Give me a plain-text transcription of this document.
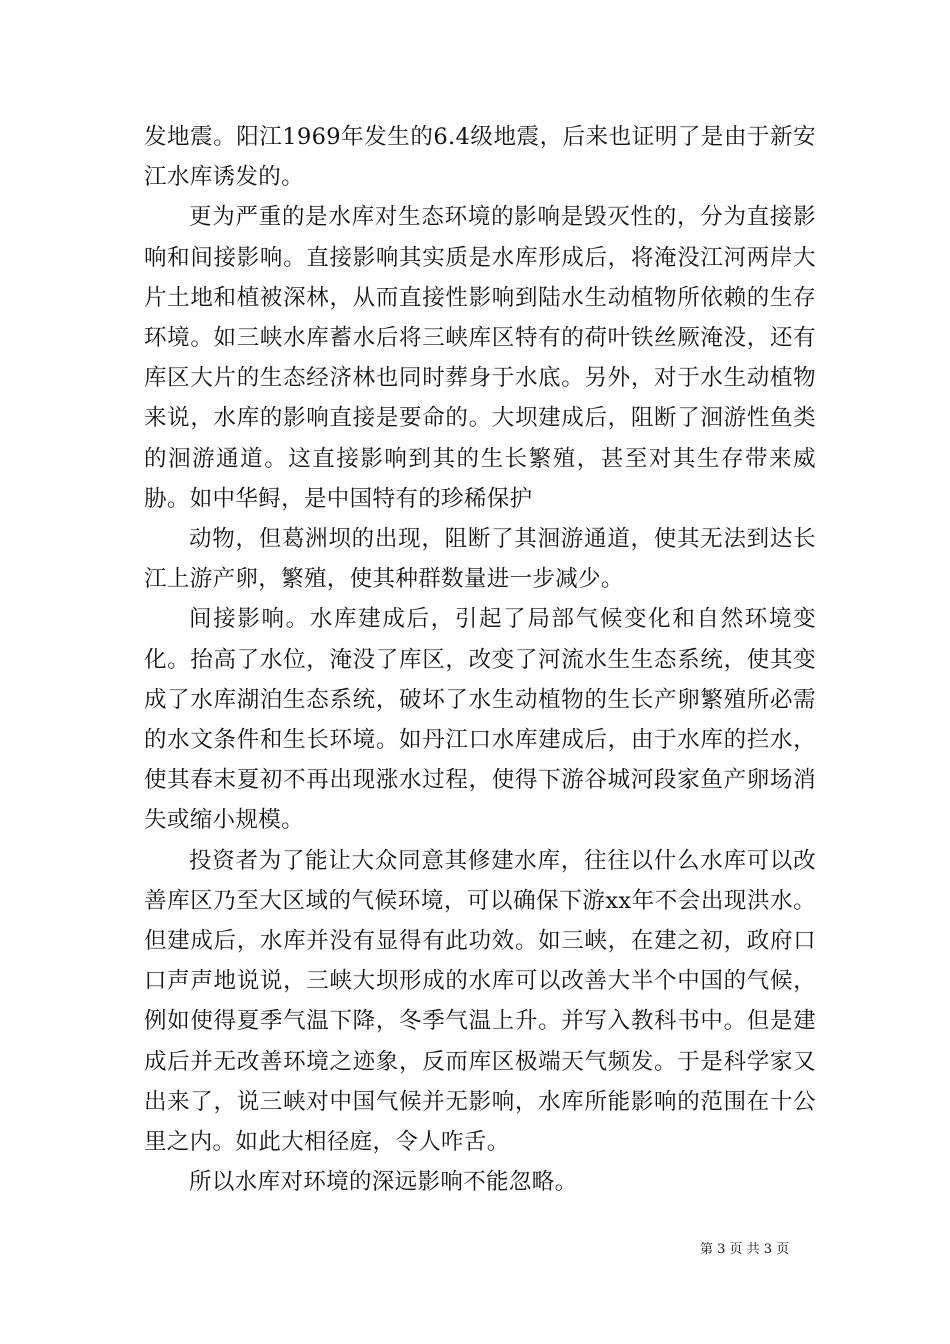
发地震。阳江1969年发生的6.4级地震，后来也证明了是由于新安江水库诱发的。

更为严重的是水库对生态环境的影响是毁灭性的，分为直接影响和间接影响。直接影响其实质是水库形成后，将淹没江河两岸大片土地和植被深林，从而直接性影响到陆水生动植物所依赖的生存环境。如三峡水库蓄水后将三峡库区特有的荷叶铁丝厥淹没，还有库区大片的生态经济林也同时葬身于水底。另外，对于水生动植物来说，水库的影响直接是要命的。大坝建成后，阻断了洄游性鱼类的洄游通道。这直接影响到其的生长繁殖，甚至对其生存带来威胁。如中华鲟，是中国特有的珍稀保护

动物，但葛洲坝的出现，阻断了其洄游通道，使其无法到达长江上游产卵，繁殖，使其种群数量进一步减少。

间接影响。水库建成后，引起了局部气候变化和自然环境变化。抬高了水位，淹没了库区，改变了河流水生生态系统，使其变成了水库湖泊生态系统，破坏了水生动植物的生长产卵繁殖所必需的水文条件和生长环境。如丹江口水库建成后，由于水库的拦水，使其春末夏初不再出现涨水过程，使得下游谷城河段家鱼产卵场消失或缩小规模。

投资者为了能让大众同意其修建水库，往往以什么水库可以改善库区乃至大区域的气候环境，可以确保下游xx年不会出现洪水。但建成后，水库并没有显得有此功效。如三峡，在建之初，政府口口声声地说说，三峡大坝形成的水库可以改善大半个中国的气候，例如使得夏季气温下降，冬季气温上升。并写入教科书中。但是建成后并无改善环境之迹象，反而库区极端天气频发。于是科学家又出来了，说三峡对中国气候并无影响，水库所能影响的范围在十公里之内。如此大相径庭，令人咋舌。

所以水库对环境的深远影响不能忽略。

第 3 页 共 3 页
